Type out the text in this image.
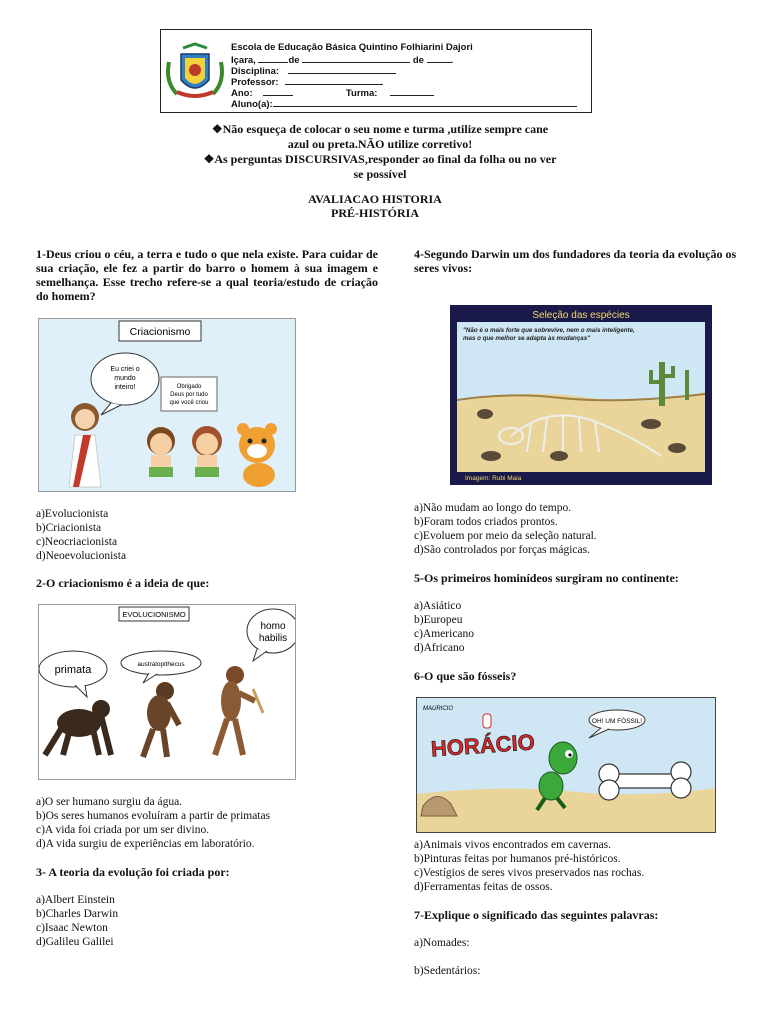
Escola de Educação Básica Quintino Folhiarini Dajori
Içara,	de	de	.
Disciplina:
Professor:
Ano:	Turma:
Aluno(a):
❖Não esqueça de colocar o seu nome e turma ,utilize sempre cane
azul ou preta.NÃO utilize corretivo!
❖As perguntas DISCURSIVAS,responder ao final da folha ou no ver
se possível
AVALIACAO HISTORIA
PRÉ-HISTÓRIA
1-Deus criou o céu, a terra e tudo o que nela existe. Para cuidar de sua criação, ele fez a partir do barro o homem à sua imagem e semelhança. Esse trecho refere-se a qual teoria/estudo de criação do homem?
Criacionismo
Eu criei o
mundo
inteiro!	Obrigado
Deus por tudo
que você criou
a)Evolucionista
b)Criacionista
c)Neocriacionista
d)Neoevolucionista
2-O criacionismo é a ideia de que:
EVOLUCIONISMO
primata	australopithecus
homo
habilis
a)O ser humano surgiu da água.
b)Os seres humanos evoluíram a partir de primatas
c)A vida foi criada por um ser divino.
d)A vida surgiu de experiências em laboratório.
3- A teoria da evolução foi criada por:
a)Albert Einstein
b)Charles Darwin
c)Isaac Newton
d)Galileu Galilei
4-Segundo Darwin um dos fundadores da teoria da evolução os seres vivos:
Seleção das espécies
"Não é o mais forte que sobrevive, nem o mais inteligente,
mas o que melhor se adapta às mudanças"
Imagem: Rubi Maia
a)Não mudam ao longo do tempo.
b)Foram todos criados prontos.
c)Evoluem por meio da seleção natural.
d)São controlados por forças mágicas.
5-Os primeiros hominídeos surgiram no continente:
a)Asiático
b)Europeu
c)Americano
d)Africano
6-O que são fósseis?
MAURICIO
HORÁCIO
OH! UM FÓSSIL!
a)Animais vivos encontrados em cavernas.
b)Pinturas feitas por humanos pré-históricos.
c)Vestígios de seres vivos preservados nas rochas.
d)Ferramentas feitas de ossos.
7-Explique o significado das seguintes palavras:
a)Nomades:
b)Sedentários:
